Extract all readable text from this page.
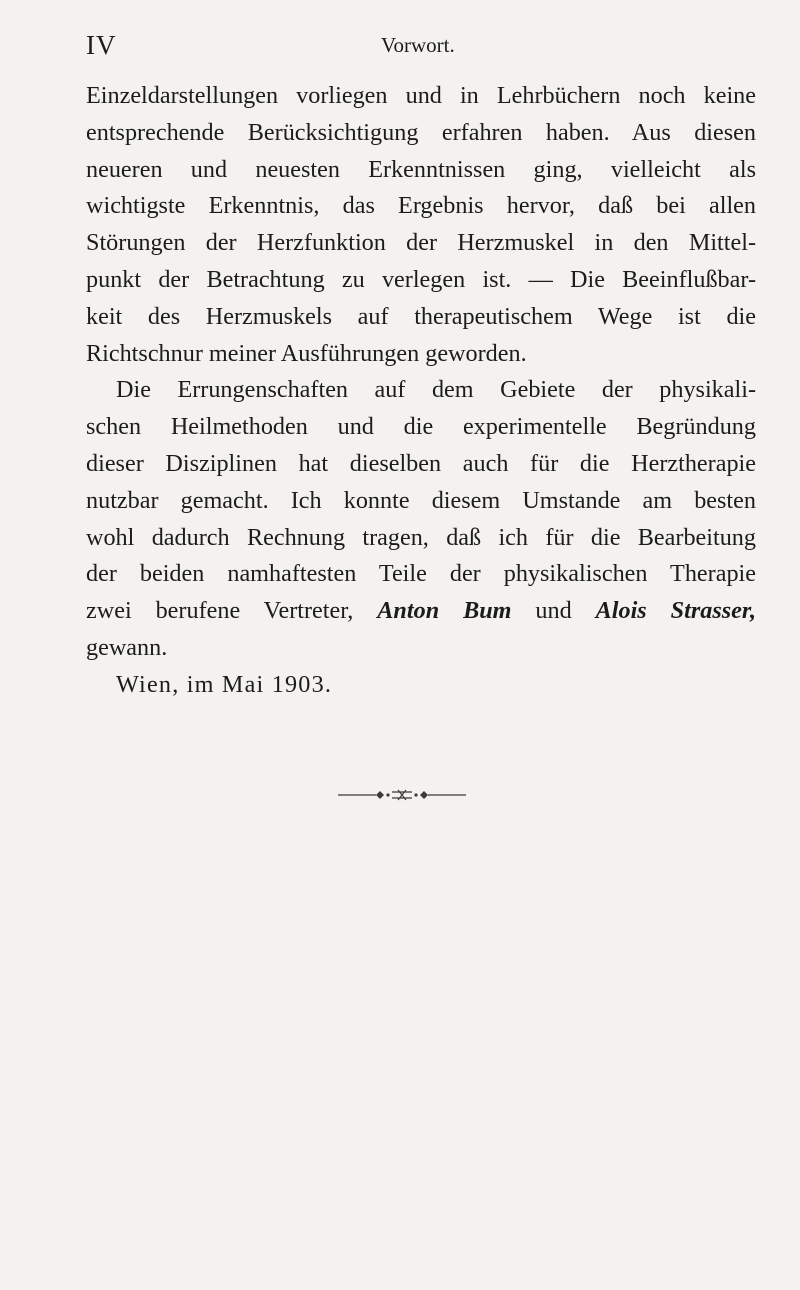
IV	Vorwort.
Einzeldarstellungen vorliegen und in Lehrbüchern noch keine
entsprechende Berücksichtigung erfahren haben. Aus diesen
neueren und neuesten Erkenntnissen ging, vielleicht als
wichtigste Erkenntnis, das Ergebnis hervor, daß bei allen
Störungen der Herzfunktion der Herzmuskel in den Mittel-
punkt der Betrachtung zu verlegen ist. — Die Beeinflußbar-
keit des Herzmuskels auf therapeutischem Wege ist die
Richtschnur meiner Ausführungen geworden.
Die Errungenschaften auf dem Gebiete der physikali-
schen Heilmethoden und die experimentelle Begründung
dieser Disziplinen hat dieselben auch für die Herztherapie
nutzbar gemacht. Ich konnte diesem Umstande am besten
wohl dadurch Rechnung tragen, daß ich für die Bearbeitung
der beiden namhaftesten Teile der physikalischen Therapie
zwei berufene Vertreter, Anton Bum und Alois Strasser,
gewann.
Wien, im Mai 1903.
